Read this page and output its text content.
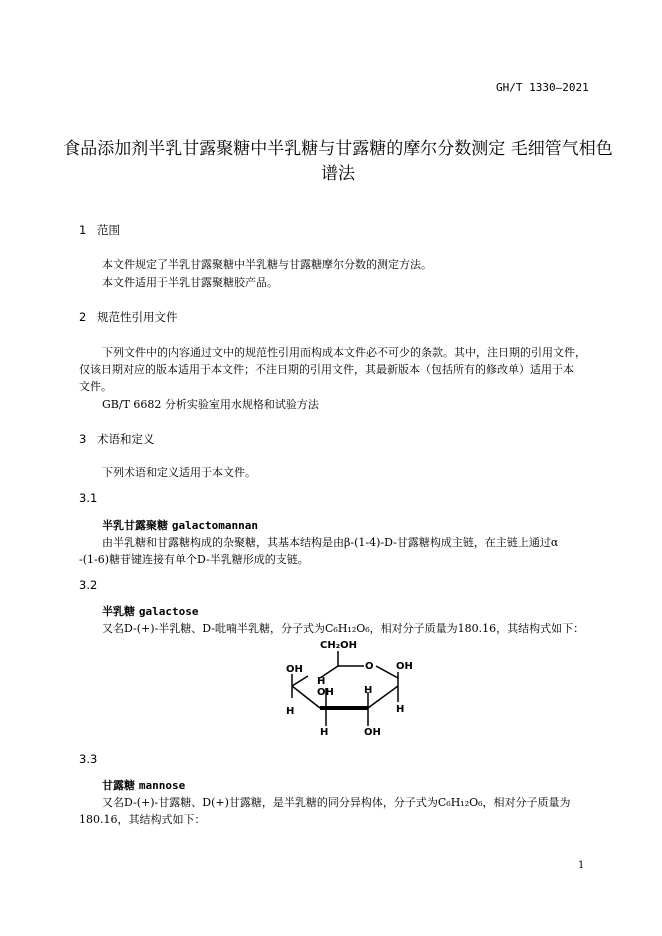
GH/T 1330—2021
食品添加剂半乳甘露聚糖中半乳糖与甘露糖的摩尔分数测定 毛细管气相色谱法
1 范围
本文件规定了半乳甘露聚糖中半乳糖与甘露糖摩尔分数的测定方法。
本文件适用于半乳甘露聚糖胶产品。
2 规范性引用文件
下列文件中的内容通过文中的规范性引用而构成本文件必不可少的条款。其中，注日期的引用文件，
仅该日期对应的版本适用于本文件；不注日期的引用文件，其最新版本（包括所有的修改单）适用于本
文件。
GB/T 6682 分析实验室用水规格和试验方法
3 术语和定义
下列术语和定义适用于本文件。
3.1
半乳甘露聚糖 galactomannan
由半乳糖和甘露糖构成的杂聚糖，其基本结构是由β-(1-4)-D-甘露糖构成主链，在主链上通过α
-(1-6)糖苷键连接有单个D-半乳糖形成的支链。
3.2
半乳糖 galactose
又名D-(+)-半乳糖、D-吡喃半乳糖，分子式为C₆H₁₂O₆，相对分子质量为180.16，其结构式如下：
CH₂OH
O
OH	OH
H
OH	H
H	H
H	OH
3.3
甘露糖 mannose
又名D-(+)-甘露糖、D(+)甘露糖，是半乳糖的同分异构体，分子式为C₆H₁₂O₆，相对分子质量为
180.16，其结构式如下：
1
